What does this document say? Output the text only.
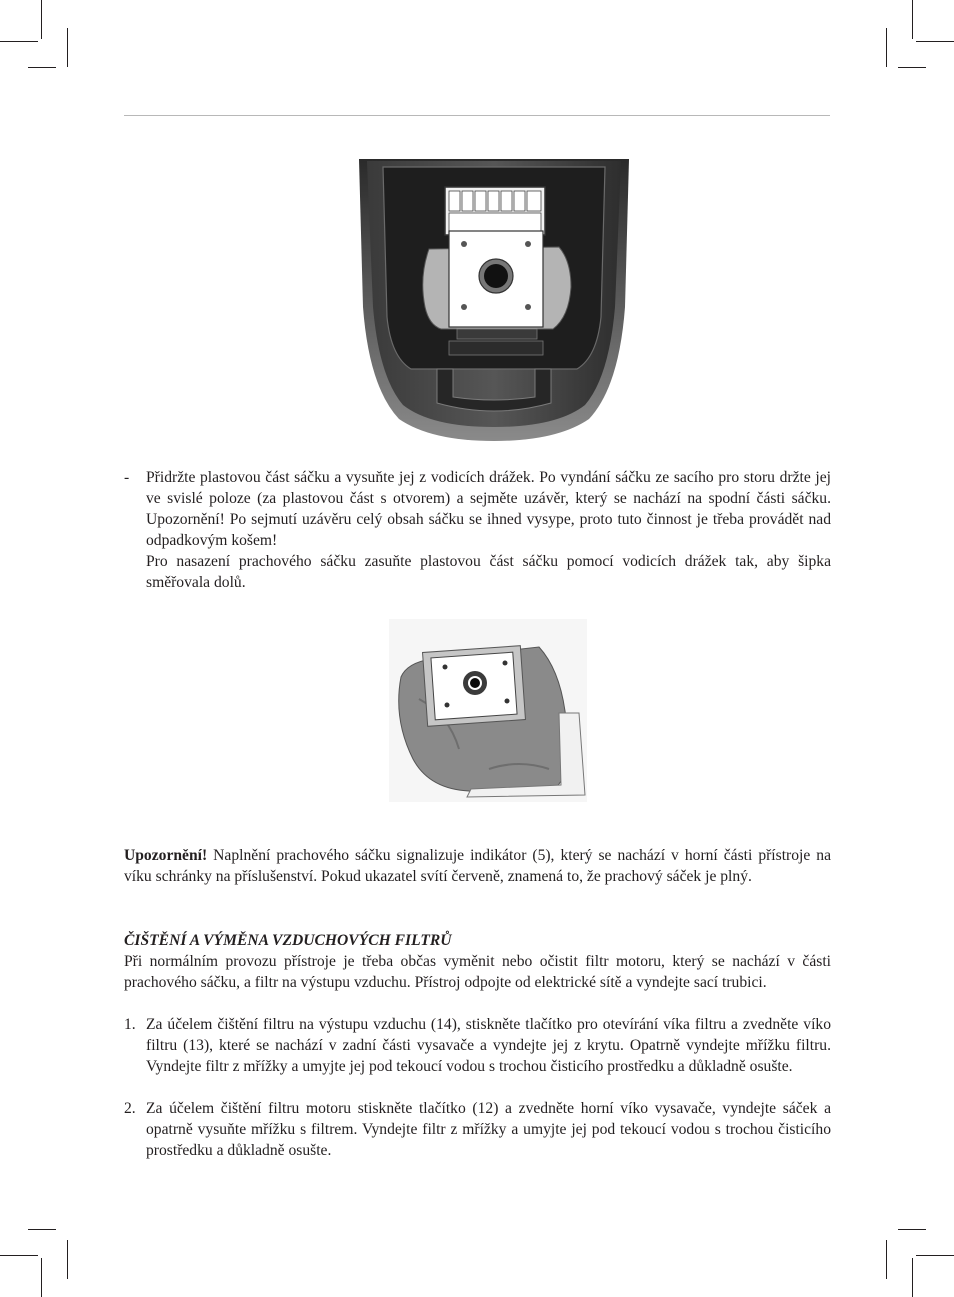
- Přidržte plastovou část sáčku a vysuňte jej z vodicích drážek. Po vyndání sáčku ze sacího pro storu držte jej ve svislé poloze (za plastovou část s otvorem) a sejměte uzávěr, který se nachází na spodní části sáčku. Upozornění! Po sejmutí uzávěru celý obsah sáčku se ihned vysype, proto tuto činnost je třeba provádět nad odpadkovým košem!
Pro nasazení prachového sáčku zasuňte plastovou část sáčku pomocí vodicích drážek tak, aby šipka směřovala dolů.
Upozornění! Naplnění prachového sáčku signalizuje indikátor (5), který se nachází v horní části přístroje na víku schránky na příslušenství. Pokud ukazatel svítí červeně, znamená to, že prachový sáček je plný.
ČIŠTĚNÍ A VÝMĚNA VZDUCHOVÝCH FILTRŮ
Při normálním provozu přístroje je třeba občas vyměnit nebo očistit filtr motoru, který se nachází v části prachového sáčku, a filtr na výstupu vzduchu. Přístroj odpojte od elektrické sítě a vyndejte sací trubici.
1. Za účelem čištění filtru na výstupu vzduchu (14), stiskněte tlačítko pro otevírání víka filtru a zvedněte víko filtru (13), které se nachází v zadní části vysavače a vyndejte jej z krytu. Opatrně vyndejte mřížku filtru. Vyndejte filtr z mřížky a umyjte jej pod tekoucí vodou s trochou čisticího prostředku a důkladně osušte.
2. Za účelem čištění filtru motoru stiskněte tlačítko (12) a zvedněte horní víko vysavače, vyndejte sáček a opatrně vysuňte mřížku s filtrem. Vyndejte filtr z mřížky a umyjte jej pod tekoucí vodou s trochou čisticího prostředku a důkladně osušte.
